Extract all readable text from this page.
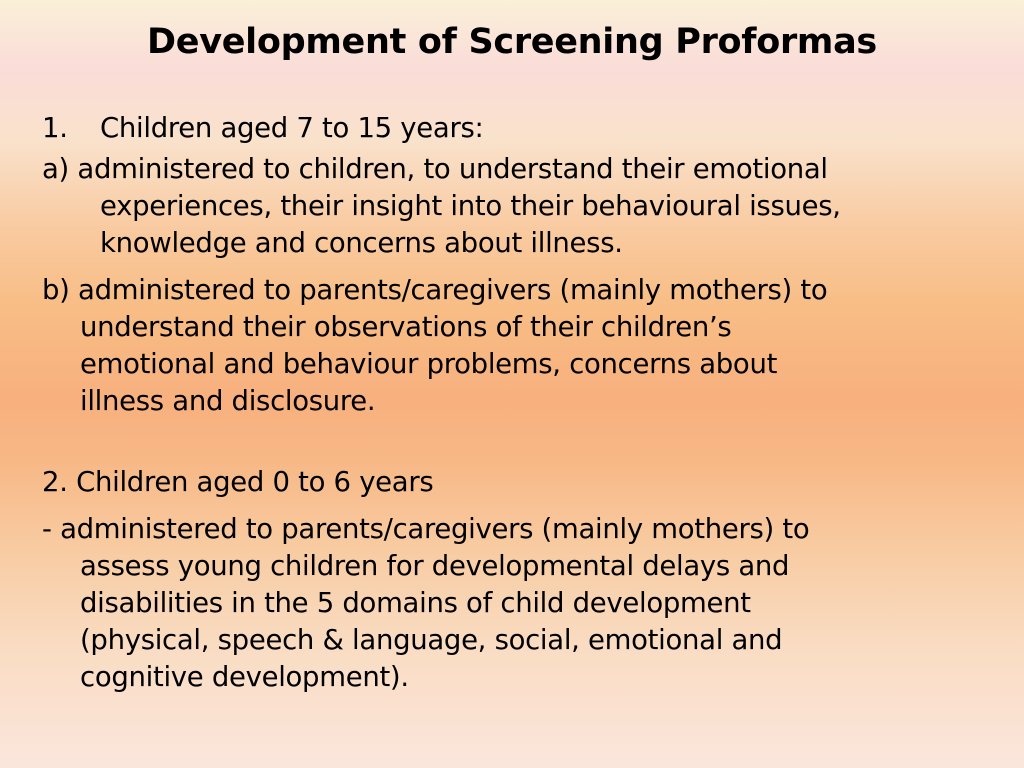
Development of Screening Proformas
1. Children aged 7 to 15 years:
a) administered to children, to understand their emotional
experiences, their insight into their behavioural issues,
knowledge and concerns about illness.
b) administered to parents/caregivers (mainly mothers) to
understand their observations of their children’s
emotional and behaviour problems, concerns about
illness and disclosure.
2. Children aged 0 to 6 years
- administered to parents/caregivers (mainly mothers) to
assess young children for developmental delays and
disabilities in the 5 domains of child development
(physical, speech & language, social, emotional and
cognitive development).
